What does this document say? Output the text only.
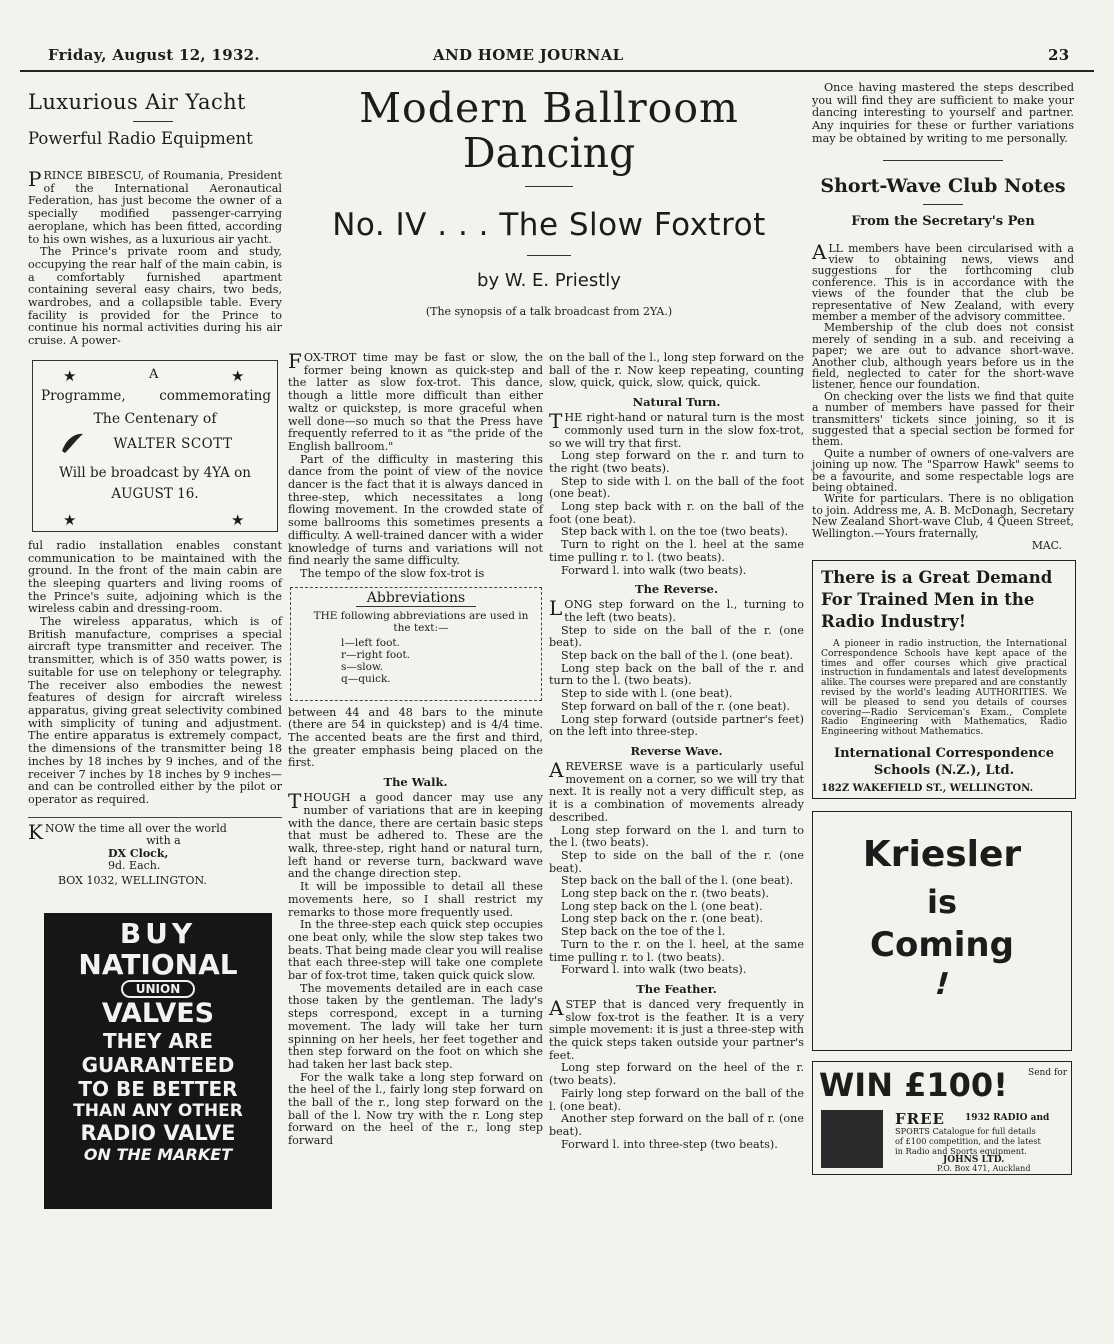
Friday, August 12, 1932.	AND HOME JOURNAL	23
Luxurious Air Yacht
Powerful Radio Equipment

PRINCE BIBESCU, of Roumania, President of the International Aeronautical Federation, has just become the owner of a specially modified passenger-carrying aeroplane, which has been fitted, according to his own wishes, as a luxurious air yacht.

The Prince's private room and study, occupying the rear half of the main cabin, is a comfortably furnished apartment containing several easy chairs, two beds, wardrobes, and a collapsible table. Every facility is provided for the Prince to continue his normal activities during his air cruise. A power-

★	A	★
Programme, commemorating
The Centenary of
WALTER SCOTT
Will be broadcast by 4YA on
AUGUST 16.
★	★

ful radio installation enables constant communication to be maintained with the ground. In the front of the main cabin are the sleeping quarters and living rooms of the Prince's suite, adjoining which is the wireless cabin and dressing-room.

The wireless apparatus, which is of British manufacture, comprises a special aircraft type transmitter and receiver. The transmitter, which is of 350 watts power, is suitable for use on telephony or telegraphy. The receiver also embodies the newest features of design for aircraft wireless apparatus, giving great selectivity combined with simplicity of tuning and adjustment. The entire apparatus is extremely compact, the dimensions of the transmitter being 18 inches by 18 inches by 9 inches, and of the receiver 7 inches by 18 inches by 9 inches—and can be controlled either by the pilot or operator as required.

KNOW the time all over the world
with a
DX Clock,
9d. Each.
BOX 1032, WELLINGTON.
BUY
NATIONAL
UNION
VALVES
THEY ARE
GUARANTEED
TO BE BETTER
THAN ANY OTHER
RADIO VALVE
ON THE MARKET
Modern Ballroom
Dancing
No. IV . . . The Slow Foxtrot
by W. E. Priestly
(The synopsis of a talk broadcast from 2YA.)

FOX-TROT time may be fast or slow, the former being known as quick-step and the latter as slow fox-trot. This dance, though a little more difficult than either waltz or quickstep, is more graceful when well done—so much so that the Press have frequently referred to it as "the pride of the English ballroom."

Part of the difficulty in mastering this dance from the point of view of the novice dancer is the fact that it is always danced in three-step, which necessitates a long flowing movement. In the crowded state of some ballrooms this sometimes presents a difficulty. A well-trained dancer with a wider knowledge of turns and variations will not find nearly the same difficulty.

The tempo of the slow fox-trot is

Abbreviations
THE following abbreviations are used in the text:—
l—left foot.
r—right foot.
s—slow.
q—quick.

between 44 and 48 bars to the minute (there are 54 in quickstep) and is 4/4 time. The accented beats are the first and third, the greater emphasis being placed on the first.

The Walk.

THOUGH a good dancer may use any number of variations that are in keeping with the dance, there are certain basic steps that must be adhered to. These are the walk, three-step, right hand or natural turn, left hand or reverse turn, backward wave and the change direction step.

It will be impossible to detail all these movements here, so I shall restrict my remarks to those more frequently used.

In the three-step each quick step occupies one beat only, while the slow step takes two beats. That being made clear you will realise that each three-step will take one complete bar of fox-trot time, taken quick quick slow.

The movements detailed are in each case those taken by the gentleman. The lady's steps correspond, except in a turning movement. The lady will take her turn spinning on her heels, her feet together and then step forward on the foot on which she had taken her last back step.

For the walk take a long step forward on the heel of the l., fairly long step forward on the ball of the r., long step forward on the ball of the l. Now try with the r. Long step forward on the heel of the r., long step forward

on the ball of the l., long step forward on the ball of the r. Now keep repeating, counting slow, quick, quick, slow, quick, quick.

Natural Turn.

THE right-hand or natural turn is the most commonly used turn in the slow fox-trot, so we will try that first.

Long step forward on the r. and turn to the right (two beats).

Step to side with l. on the ball of the foot (one beat).

Long step back with r. on the ball of the foot (one beat).

Step back with l. on the toe (two beats).

Turn to right on the l. heel at the same time pulling r. to l. (two beats).

Forward l. into walk (two beats).

The Reverse.

LONG step forward on the l., turning to the left (two beats).

Step to side on the ball of the r. (one beat).

Step back on the ball of the l. (one beat).

Long step back on the ball of the r. and turn to the l. (two beats).

Step to side with l. (one beat).

Step forward on ball of the r. (one beat).

Long step forward (outside partner's feet) on the left into three-step.

Reverse Wave.

AREVERSE wave is a particularly useful movement on a corner, so we will try that next. It is really not a very difficult step, as it is a combination of movements already described.

Long step forward on the l. and turn to the l. (two beats).

Step to side on the ball of the r. (one beat).

Step back on the ball of the l. (one beat).

Long step back on the r. (two beats).

Long step back on the l. (one beat).

Long step back on the r. (one beat).

Step back on the toe of the l.

Turn to the r. on the l. heel, at the same time pulling r. to l. (two beats).

Forward l. into walk (two beats).

The Feather.

ASTEP that is danced very frequently in slow fox-trot is the feather. It is a very simple movement: it is just a three-step with the quick steps taken outside your partner's feet.

Long step forward on the heel of the r. (two beats).

Fairly long step forward on the ball of the l. (one beat).

Another step forward on the ball of r. (one beat).

Forward l. into three-step (two beats).

Once having mastered the steps described you will find they are sufficient to make your dancing interesting to yourself and partner. Any inquiries for these or further variations may be obtained by writing to me personally.

Short-Wave Club Notes
From the Secretary's Pen

ALL members have been circularised with a view to obtaining news, views and suggestions for the forthcoming club conference. This is in accordance with the views of the founder that the club be representative of New Zealand, with every member a member of the advisory committee.

Membership of the club does not consist merely of sending in a sub. and receiving a paper; we are out to advance short-wave. Another club, although years before us in the field, neglected to cater for the short-wave listener, hence our foundation.

On checking over the lists we find that quite a number of members have passed for their transmitters' tickets since joining, so it is suggested that a special section be formed for them.

Quite a number of owners of one-valvers are joining up now. The "Sparrow Hawk" seems to be a favourite, and some respectable logs are being obtained.

Write for particulars. There is no obligation to join. Address me, A. B. McDonagh, Secretary New Zealand Short-wave Club, 4 Queen Street, Wellington.—Yours fraternally,

MAC.
There is a Great Demand For Trained Men in the Radio Industry!

A pioneer in radio instruction, the International Correspondence Schools have kept apace of the times and offer courses which give practical instruction in fundamentals and latest developments alike. The courses were prepared and are constantly revised by the world's leading AUTHORITIES. We will be pleased to send you details of courses covering—Radio Serviceman's Exam., Complete Radio Engineering with Mathematics, Radio Engineering without Mathematics.

International Correspondence Schools (N.Z.), Ltd.
182Z WAKEFIELD ST., WELLINGTON.
Kriesler
is
Coming
!
WIN £100! Send for
FREE 1932 RADIO and
SPORTS Catalogue for full details
of £100 competition, and the latest
in Radio and Sports equipment.
JOHNS LTD.
P.O. Box 471, Auckland
